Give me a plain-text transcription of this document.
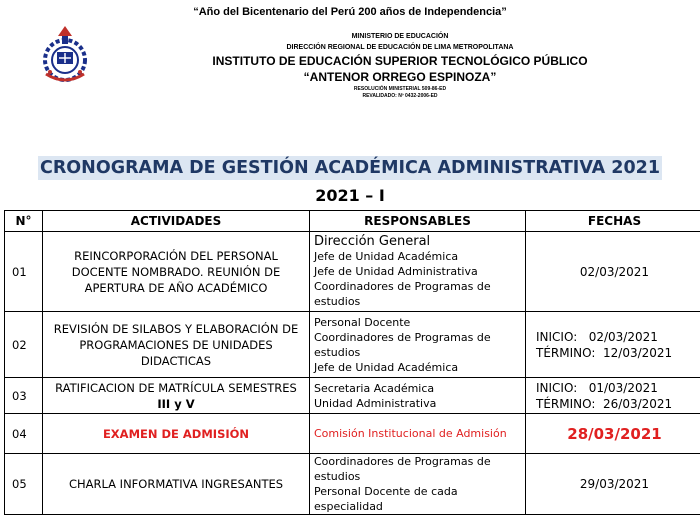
“Año del Bicentenario del Perú 200 años de Independencia”
MINISTERIO DE EDUCACIÓN
DIRECCIÓN REGIONAL DE EDUCACIÓN DE LIMA METROPOLITANA
INSTITUTO DE EDUCACIÓN SUPERIOR TECNOLÓGICO PÚBLICO
“ANTENOR ORREGO ESPINOZA”
RESOLUCIÓN MINISTERIAL 509-86-ED
REVALIDADO: Nº 0432-2006-ED
CRONOGRAMA DE GESTIÓN ACADÉMICA ADMINISTRATIVA 2021
2021 – I
N°	ACTIVIDADES	RESPONSABLES	FECHAS
01	REINCORPORACIÓN DEL PERSONAL
DOCENTE NOMBRADO. REUNIÓN DE
APERTURA DE AÑO ACADÉMICO	Dirección General
Jefe de Unidad Académica
Jefe de Unidad Administrativa
Coordinadores de Programas de
estudios	02/03/2021
02	REVISIÓN DE SILABOS Y ELABORACIÓN DE
PROGRAMACIONES DE UNIDADES
DIDACTICAS	Personal Docente
Coordinadores de Programas de
estudios
Jefe de Unidad Académica	INICIO:   02/03/2021
TÉRMINO:  12/03/2021

03	RATIFICACION DE MATRÍCULA SEMESTRES
III y V	Secretaria Académica
Unidad Administrativa	INICIO:   01/03/2021
TÉRMINO:  26/03/2021

04	EXAMEN DE ADMISIÓN	Comisión Institucional de Admisión	28/03/2021
05	CHARLA INFORMATIVA INGRESANTES	Coordinadores de Programas de
estudios
Personal Docente de cada especialidad	29/03/2021
